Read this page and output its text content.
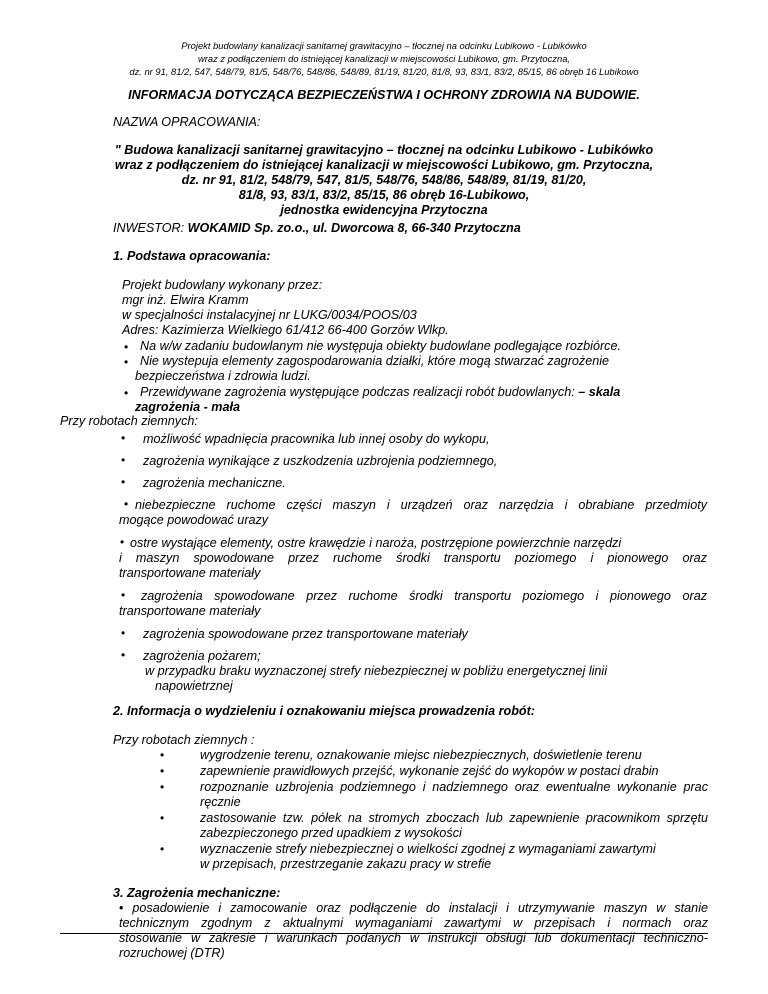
Projekt budowlany kanalizacji sanitarnej grawitacyjno – tłocznej na odcinku Lubikowo - Lubikówko
wraz z podłączeniem do istniejącej kanalizacji w miejscowości Lubikowo, gm. Przytoczna,
dz. nr 91, 81/2, 547, 548/79, 81/5, 548/76, 548/86, 548/89, 81/19, 81/20, 81/8, 93, 83/1, 83/2, 85/15, 86 obręb 16 Lubikowo
INFORMACJA DOTYCZĄCA BEZPIECZEŃSTWA I OCHRONY ZDROWIA NA BUDOWIE.
NAZWA OPRACOWANIA:
" Budowa kanalizacji sanitarnej grawitacyjno – tłocznej na odcinku Lubikowo - Lubikówko
wraz z podłączeniem do istniejącej kanalizacji w miejscowości Lubikowo, gm. Przytoczna,
dz. nr 91, 81/2, 548/79, 547, 81/5, 548/76, 548/86, 548/89, 81/19, 81/20,
81/8, 93, 83/1, 83/2, 85/15, 86 obręb 16-Lubikowo,
jednostka ewidencyjna Przytoczna
INWESTOR: WOKAMID Sp. zo.o., ul. Dworcowa 8, 66-340 Przytoczna
1. Podstawa opracowania:
Projekt budowlany wykonany przez:
mgr inż. Elwira Kramm
w specjalności instalacyjnej nr LUKG/0034/POOS/03
Adres: Kazimierza Wielkiego 61/412 66-400 Gorzów Wlkp.
• Na w/w zadaniu budowlanym nie występuja obiekty budowlane podlegające rozbiórce.
• Nie wystepuja elementy zagospodarowania działki, które mogą stwarzać zagrożenie
bezpieczeństwa i zdrowia ludzi.
• Przewidywane zagrożenia występujące podczas realizacji robót budowlanych: – skala
zagrożenia - mała
Przy robotach ziemnych:
• możliwość wpadnięcia pracownika lub innej osoby do wykopu,
• zagrożenia wynikające z uszkodzenia uzbrojenia podziemnego,
• zagrożenia mechaniczne.
• niebezpieczne ruchome części maszyn i urządzeń oraz narzędzia i obrabiane przedmioty
mogące powodować urazy
• ostre wystające elementy, ostre krawędzie i naroża, postrzępione powierzchnie narzędzi
i maszyn spowodowane przez ruchome środki transportu poziomego i pionowego oraz
transportowane materiały
•	zagrożenia spowodowane przez ruchome środki transportu poziomego i pionowego oraz
transportowane materiały
• zagrożenia spowodowane przez transportowane materiały
• zagrożenia pożarem;
w przypadku braku wyznaczonej strefy niebezpiecznej w pobliżu energetycznej linii
napowietrznej
2. Informacja o wydzieleniu i oznakowaniu miejsca prowadzenia robót:
Przy robotach ziemnych :
•	wygrodzenie terenu, oznakowanie miejsc niebezpiecznych, doświetlenie terenu
•	zapewnienie prawidłowych przejść, wykonanie zejść do wykopów w postaci drabin
•	rozpoznanie uzbrojenia podziemnego i nadziemnego oraz ewentualne wykonanie prac
ręcznie
•	zastosowanie tzw. półek na stromych zboczach lub zapewnienie pracownikom sprzętu
zabezpieczonego przed upadkiem z wysokości
•	wyznaczenie strefy niebezpiecznej o wielkości zgodnej z wymaganiami zawartymi
w przepisach, przestrzeganie zakazu pracy w strefie
3. Zagrożenia mechaniczne:
• posadowienie i zamocowanie oraz podłączenie do instalacji i utrzymywanie maszyn w stanie
technicznym zgodnym z aktualnymi wymaganiami zawartymi w przepisach i normach oraz
stosowanie w zakresie i warunkach podanych w instrukcji obsługi lub dokumentacji techniczno-
rozruchowej (DTR)
